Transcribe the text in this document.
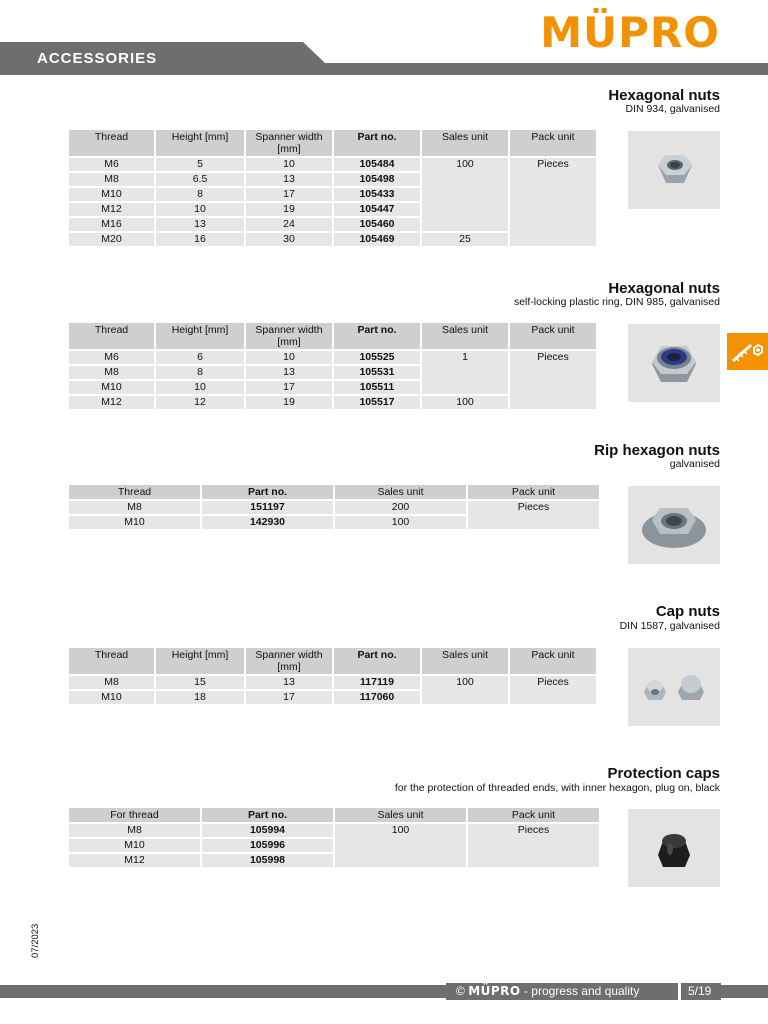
MÜPRO
ACCESSORIES
Hexagonal nuts
DIN 934, galvanised
Thread	Height [mm]	Spanner width [mm]	Part no.	Sales unit	Pack unit
M6	5	10	105484	100	Pieces
M8	6.5	13	105498		
M10	8	17	105433		
M12	10	19	105447		
M16	13	24	105460		
M20	16	30	105469	25	
Hexagonal nuts
self-locking plastic ring, DIN 985, galvanised
Thread	Height [mm]	Spanner width [mm]	Part no.	Sales unit	Pack unit
M6	6	10	105525	1	Pieces
M8	8	13	105531		
M10	10	17	105511		
M12	12	19	105517	100	
Rip hexagon nuts
galvanised
Thread	Part no.	Sales unit	Pack unit
M8	151197	200	Pieces
M10	142930	100	
Cap nuts
DIN 1587, galvanised
Thread	Height [mm]	Spanner width [mm]	Part no.	Sales unit	Pack unit
M8	15	13	117119	100	Pieces
M10	18	17	117060		
Protection caps
for the protection of threaded ends, with inner hexagon, plug on, black
For thread	Part no.	Sales unit	Pack unit
M8	105994	100	Pieces
M10	105996		
M12	105998		
07/2023
© MÜPRO - progress and quality	5/19
